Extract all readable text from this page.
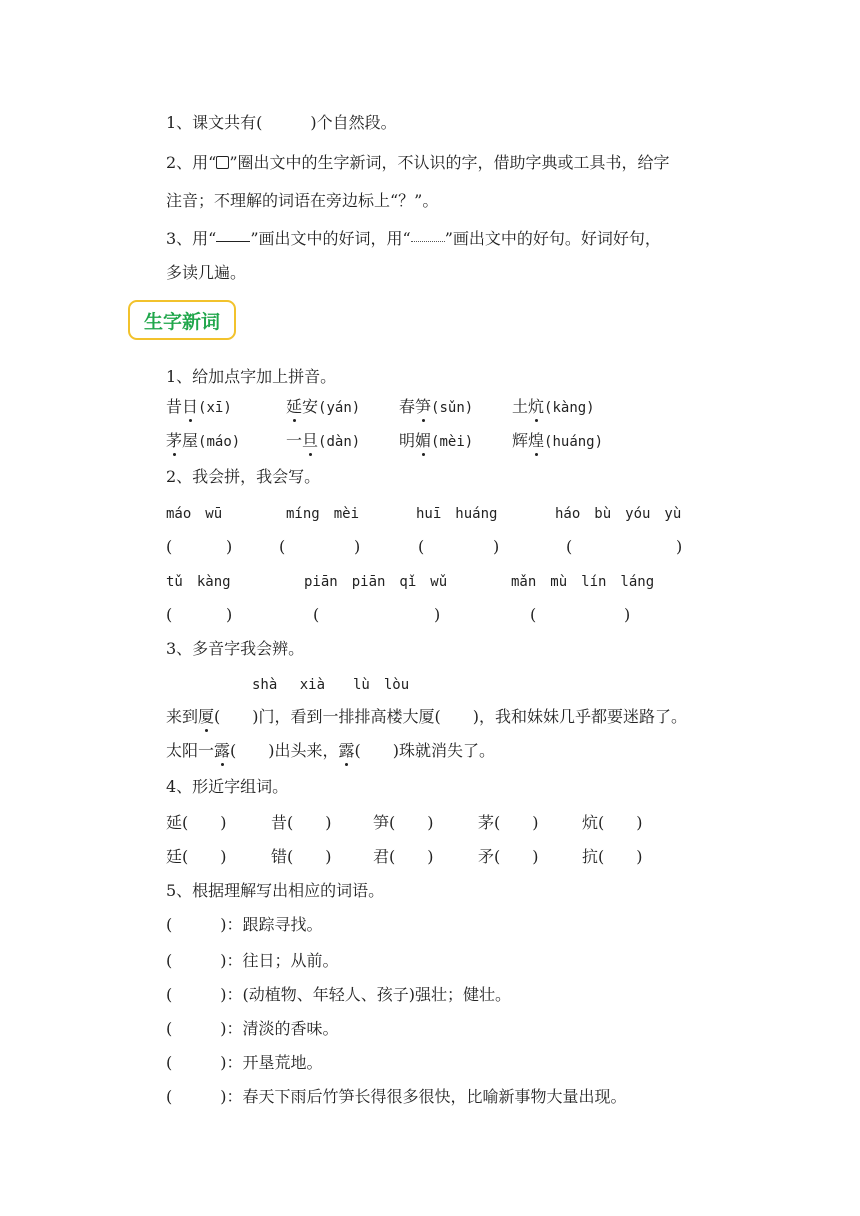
1、课文共有(　　　)个自然段。
2、用“ ”圈出文中的生字新词，不认识的字，借助字典或工具书，给字
注音；不理解的词语在旁边标上“？”。
3、用“ ”画出文中的好词，用“ ”画出文中的好句。好词好句，
多读几遍。
生字新词
1、给加点字加上拼音。
昔日(xī)	延安(yán) 春笋(sǔn) 土炕(kàng)
茅屋(máo)	一旦(dàn) 明媚(mèi) 辉煌(huáng)
2、我会拼，我会写。
máo　wū	míng　mèi	huī　huáng	háo　bù　yóu　yù
(	)	(	)	(	)	(	)
tǔ　kàng	piān　piān　qǐ　wǔ	mǎn　mù　lín　láng
(	)	(	)	(	)
3、多音字我会辨。
shà　 xià　　lù　lòu
来到厦(　　)门，看到一排排高楼大厦(　　)，我和妹妹几乎都要迷路了。
太阳一露(　　)出头来，露(　　)珠就消失了。
4、形近字组词。
延(　　)	昔(　　)	笋(　　)	茅(　　)	炕(　　)
廷(　　)	错(　　)	君(　　)	矛(　　)	抗(　　)
5、根据理解写出相应的词语。
(　　　)：跟踪寻找。
(　　　)：往日；从前。
(　　　)：(动植物、年轻人、孩子)强壮；健壮。
(　　　)：清淡的香味。
(　　　)：开垦荒地。
(　　　)：春天下雨后竹笋长得很多很快，比喻新事物大量出现。
